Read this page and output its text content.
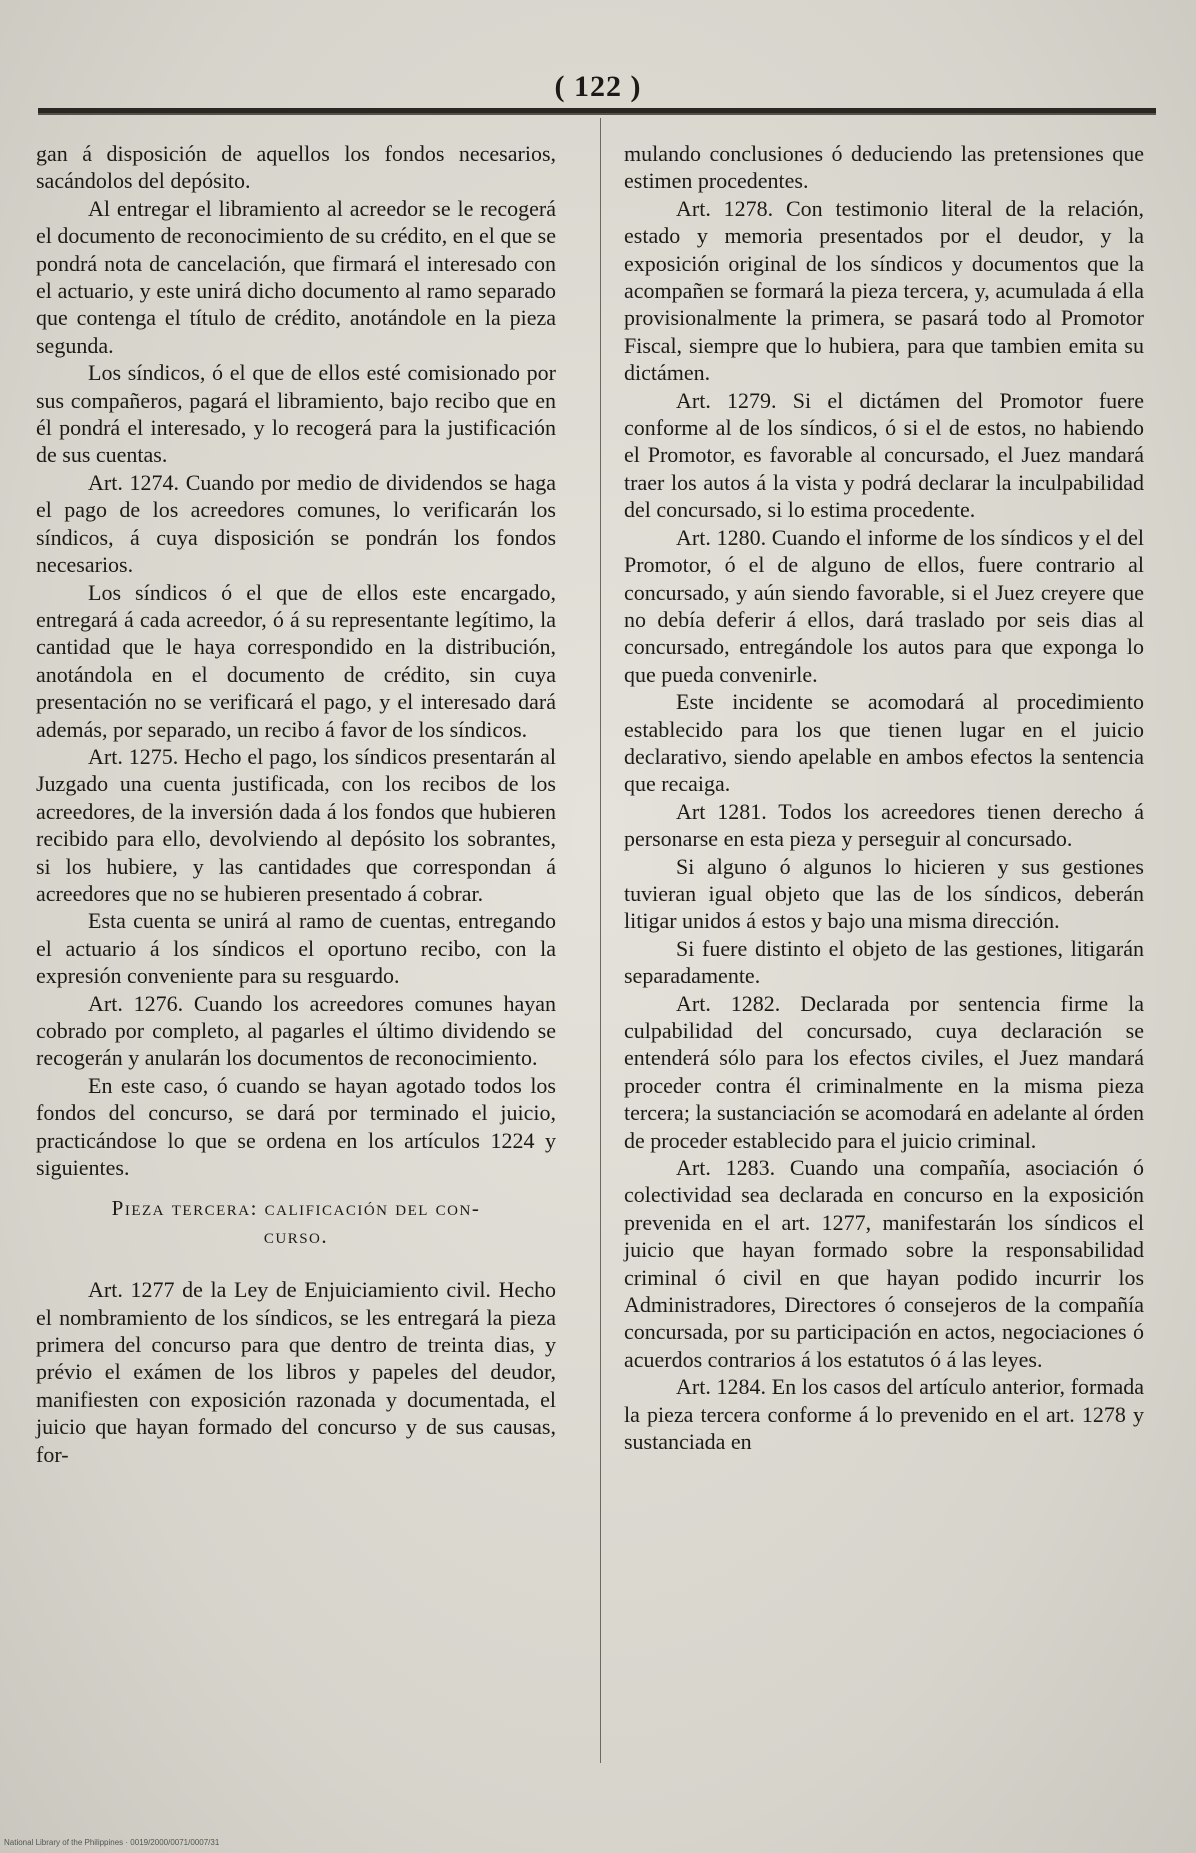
( 122 )

gan á disposición de aquellos los fondos necesarios, sacándolos del depósito.

Al entregar el libramiento al acreedor se le recogerá el documento de reconocimiento de su crédito, en el que se pondrá nota de cancelación, que firmará el interesado con el actuario, y este unirá dicho documento al ramo separado que contenga el título de crédito, anotándole en la pieza segunda.

Los síndicos, ó el que de ellos esté comisionado por sus compañeros, pagará el libramiento, bajo recibo que en él pondrá el interesado, y lo recogerá para la justificación de sus cuentas.

Art. 1274. Cuando por medio de dividendos se haga el pago de los acreedores comunes, lo verificarán los síndicos, á cuya disposición se pondrán los fondos necesarios.

Los síndicos ó el que de ellos este encargado, entregará á cada acreedor, ó á su representante legítimo, la cantidad que le haya correspondido en la distribución, anotándola en el documento de crédito, sin cuya presentación no se verificará el pago, y el interesado dará además, por separado, un recibo á favor de los síndicos.

Art. 1275. Hecho el pago, los síndicos presentarán al Juzgado una cuenta justificada, con los recibos de los acreedores, de la inversión dada á los fondos que hubieren recibido para ello, devolviendo al depósito los sobrantes, si los hubiere, y las cantidades que correspondan á acreedores que no se hubieren presentado á cobrar.

Esta cuenta se unirá al ramo de cuentas, entregando el actuario á los síndicos el oportuno recibo, con la expresión conveniente para su resguardo.

Art. 1276. Cuando los acreedores comunes hayan cobrado por completo, al pagarles el último dividendo se recogerán y anularán los documentos de reconocimiento.

En este caso, ó cuando se hayan agotado todos los fondos del concurso, se dará por terminado el juicio, practicándose lo que se ordena en los artículos 1224 y siguientes.

Pieza tercera: calificación del con-
curso.

Art. 1277 de la Ley de Enjuiciamiento civil. Hecho el nombramiento de los síndicos, se les entregará la pieza primera del concurso para que dentro de treinta dias, y prévio el exámen de los libros y papeles del deudor, manifiesten con exposición razonada y documentada, el juicio que hayan formado del concurso y de sus causas, for-

mulando conclusiones ó deduciendo las pretensiones que estimen procedentes.

Art. 1278. Con testimonio literal de la relación, estado y memoria presentados por el deudor, y la exposición original de los síndicos y documentos que la acompañen se formará la pieza tercera, y, acumulada á ella provisionalmente la primera, se pasará todo al Promotor Fiscal, siempre que lo hubiera, para que tambien emita su dictámen.

Art. 1279. Si el dictámen del Promotor fuere conforme al de los síndicos, ó si el de estos, no habiendo el Promotor, es favorable al concursado, el Juez mandará traer los autos á la vista y podrá declarar la inculpabilidad del concursado, si lo estima procedente.

Art. 1280. Cuando el informe de los síndicos y el del Promotor, ó el de alguno de ellos, fuere contrario al concursado, y aún siendo favorable, si el Juez creyere que no debía deferir á ellos, dará traslado por seis dias al concursado, entregándole los autos para que exponga lo que pueda convenirle.

Este incidente se acomodará al procedimiento establecido para los que tienen lugar en el juicio declarativo, siendo apelable en ambos efectos la sentencia que recaiga.

Art 1281. Todos los acreedores tienen derecho á personarse en esta pieza y perseguir al concursado.

Si alguno ó algunos lo hicieren y sus gestiones tuvieran igual objeto que las de los síndicos, deberán litigar unidos á estos y bajo una misma dirección.

Si fuere distinto el objeto de las gestiones, litigarán separadamente.

Art. 1282. Declarada por sentencia firme la culpabilidad del concursado, cuya declaración se entenderá sólo para los efectos civiles, el Juez mandará proceder contra él criminalmente en la misma pieza tercera; la sustanciación se acomodará en adelante al órden de proceder establecido para el juicio criminal.

Art. 1283. Cuando una compañía, asociación ó colectividad sea declarada en concurso en la exposición prevenida en el art. 1277, manifestarán los síndicos el juicio que hayan formado sobre la responsabilidad criminal ó civil en que hayan podido incurrir los Administradores, Directores ó consejeros de la compañía concursada, por su participación en actos, negociaciones ó acuerdos contrarios á los estatutos ó á las leyes.

Art. 1284. En los casos del artículo anterior, formada la pieza tercera conforme á lo prevenido en el art. 1278 y sustanciada en

National Library of the Philippines · 0019/2000/0071/0007/31
